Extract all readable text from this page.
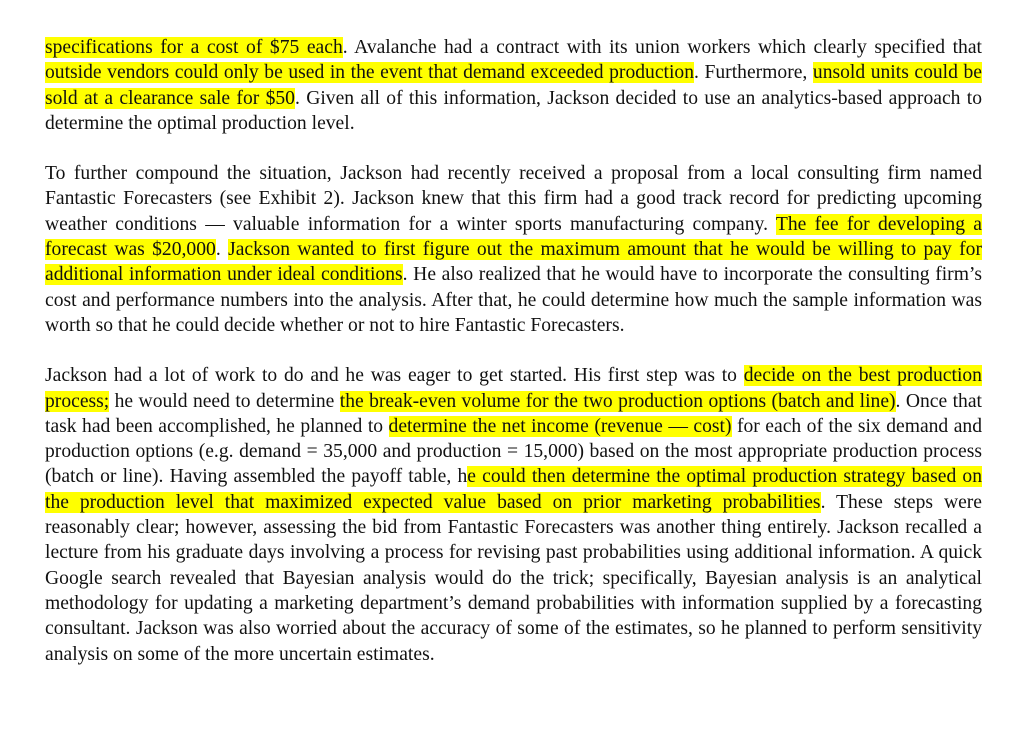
specifications for a cost of $75 each. Avalanche had a contract with its union workers which clearly specified that outside vendors could only be used in the event that demand exceeded production. Furthermore, unsold units could be sold at a clearance sale for $50. Given all of this information, Jackson decided to use an analytics-based approach to determine the optimal production level.

To further compound the situation, Jackson had recently received a proposal from a local consulting firm named Fantastic Forecasters (see Exhibit 2). Jackson knew that this firm had a good track record for predicting upcoming weather conditions — valuable information for a winter sports manufacturing company. The fee for developing a forecast was $20,000. Jackson wanted to first figure out the maximum amount that he would be willing to pay for additional information under ideal conditions. He also realized that he would have to incorporate the consulting firm’s cost and performance numbers into the analysis. After that, he could determine how much the sample information was worth so that he could decide whether or not to hire Fantastic Forecasters.

Jackson had a lot of work to do and he was eager to get started. His first step was to decide on the best production process; he would need to determine the break-even volume for the two production options (batch and line). Once that task had been accomplished, he planned to determine the net income (revenue — cost) for each of the six demand and production options (e.g. demand = 35,000 and production = 15,000) based on the most appropriate production process (batch or line). Having assembled the payoff table, he could then determine the optimal production strategy based on the production level that maximized expected value based on prior marketing probabilities. These steps were reasonably clear; however, assessing the bid from Fantastic Forecasters was another thing entirely. Jackson recalled a lecture from his graduate days involving a process for revising past probabilities using additional information. A quick Google search revealed that Bayesian analysis would do the trick; specifically, Bayesian analysis is an analytical methodology for updating a marketing department’s demand probabilities with information supplied by a forecasting consultant. Jackson was also worried about the accuracy of some of the estimates, so he planned to perform sensitivity analysis on some of the more uncertain estimates.
